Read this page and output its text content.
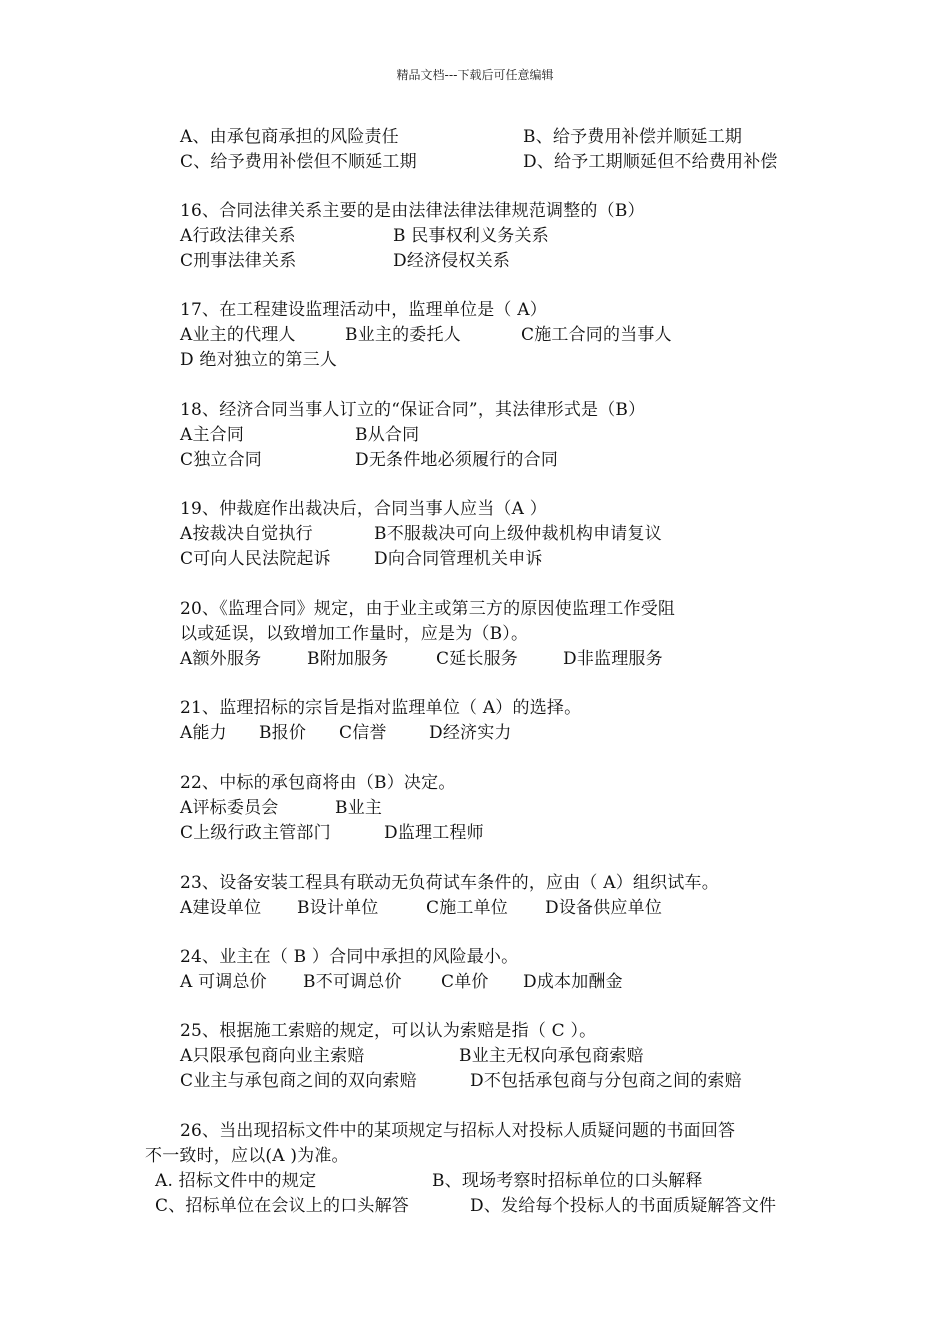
精品文档---下载后可任意编辑
A、由承包商承担的风险责任	B、给予费用补偿并顺延工期
C、给予费用补偿但不顺延工期	D、给予工期顺延但不给费用补偿
16、合同法律关系主要的是由法律法律法律规范调整的（B）
A行政法律关系	B 民事权利义务关系
C刑事法律关系	D经济侵权关系
17、在工程建设监理活动中，监理单位是（ A）
A业主的代理人	B业主的委托人	C施工合同的当事人
D 绝对独立的第三人
18、经济合同当事人订立的“保证合同”，其法律形式是（B）
A主合同	B从合同
C独立合同	D无条件地必须履行的合同
19、仲裁庭作出裁决后，合同当事人应当（A ）
A按裁决自觉执行	B不服裁决可向上级仲裁机构申请复议
C可向人民法院起诉	D向合同管理机关申诉
20、《监理合同》规定，由于业主或第三方的原因使监理工作受阻
以或延误，以致增加工作量时，应是为（B）。
A额外服务	B附加服务	C延长服务	D非监理服务
21、监理招标的宗旨是指对监理单位（ A）的选择。
A能力 B报价 C信誉 D经济实力
22、中标的承包商将由（B）决定。
A评标委员会	B业主
C上级行政主管部门	D监理工程师
23、设备安装工程具有联动无负荷试车条件的，应由（ A）组织试车。
A建设单位 B设计单位	C施工单位 D设备供应单位
24、业主在（ B ）合同中承担的风险最小。
A 可调总价 B不可调总价 C单价 D成本加酬金
25、根据施工索赔的规定，可以认为索赔是指（ C ）。
A只限承包商向业主索赔	B业主无权向承包商索赔
C业主与承包商之间的双向索赔	D不包括承包商与分包商之间的索赔
26、当出现招标文件中的某项规定与招标人对投标人质疑问题的书面回答
不一致时，应以(A )为准。
A. 招标文件中的规定	B、现场考察时招标单位的口头解释
C、招标单位在会议上的口头解答	D、发给每个投标人的书面质疑解答文件
